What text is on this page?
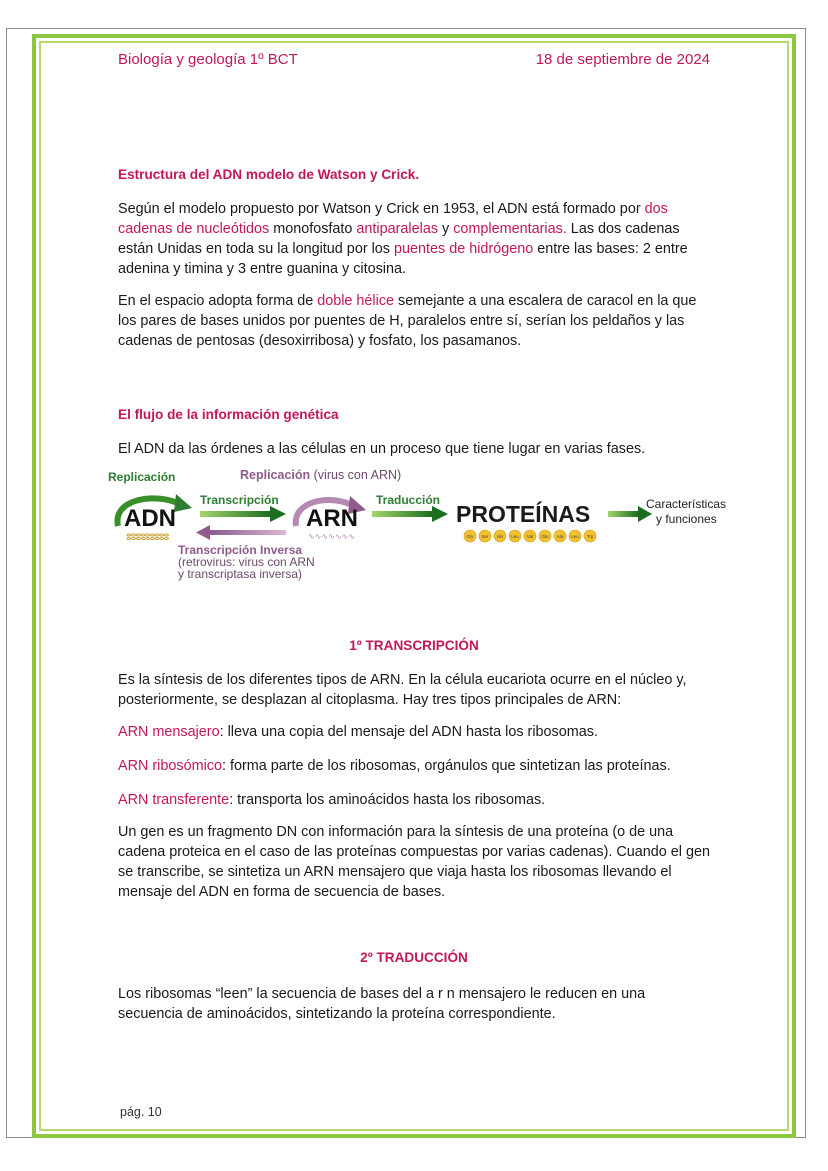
Biología y geología 1º BCT	18 de septiembre de 2024

Estructura del ADN modelo de Watson y Crick.

Según el modelo propuesto por Watson y Crick en 1953, el ADN está formado por dos cadenas de nucleótidos monofosfato antiparalelas y complementarias. Las dos cadenas están Unidas en toda su la longitud por los puentes de hidrógeno entre las bases: 2 entre adenina y timina y 3 entre guanina y citosina.

En el espacio adopta forma de doble hélice semejante a una escalera de caracol en la que los pares de bases unidos por puentes de H, paralelos entre sí, serían los peldaños y las cadenas de pentosas (desoxirribosa) y fosfato, los pasamanos.

El flujo de la información genética

El ADN da las órdenes a las células en un proceso que tiene lugar en varias fases.

Replicación
ADN
ⵓⵓⵓⵓⵓⵓⵓⵓⵓ
Replicación (virus con ARN)
Transcripción
ARN
∿∿∿∿∿∿∿
Traducción
PROTEÍNAS
Gly Ser His Leu Val Glu Ala Leu Trp
Características
y funciones
Transcripción Inversa
(retrovirus: virus con ARN
y transcriptasa inversa)

1º TRANSCRIPCIÓN

Es la síntesis de los diferentes tipos de ARN. En la célula eucariota ocurre en el núcleo y, posteriormente, se desplazan al citoplasma. Hay tres tipos principales de ARN:

ARN mensajero: lleva una copia del mensaje del ADN hasta los ribosomas.

ARN ribosómico: forma parte de los ribosomas, orgánulos que sintetizan las proteínas.

ARN transferente: transporta los aminoácidos hasta los ribosomas.

Un gen es un fragmento DN con información para la síntesis de una proteína (o de una cadena proteica en el caso de las proteínas compuestas por varias cadenas). Cuando el gen se transcribe, se sintetiza un ARN mensajero que viaja hasta los ribosomas llevando el mensaje del ADN en forma de secuencia de bases.

2º TRADUCCIÓN

Los ribosomas “leen” la secuencia de bases del a r n mensajero le reducen en una secuencia de aminoácidos, sintetizando la proteína correspondiente.

pág. 10
